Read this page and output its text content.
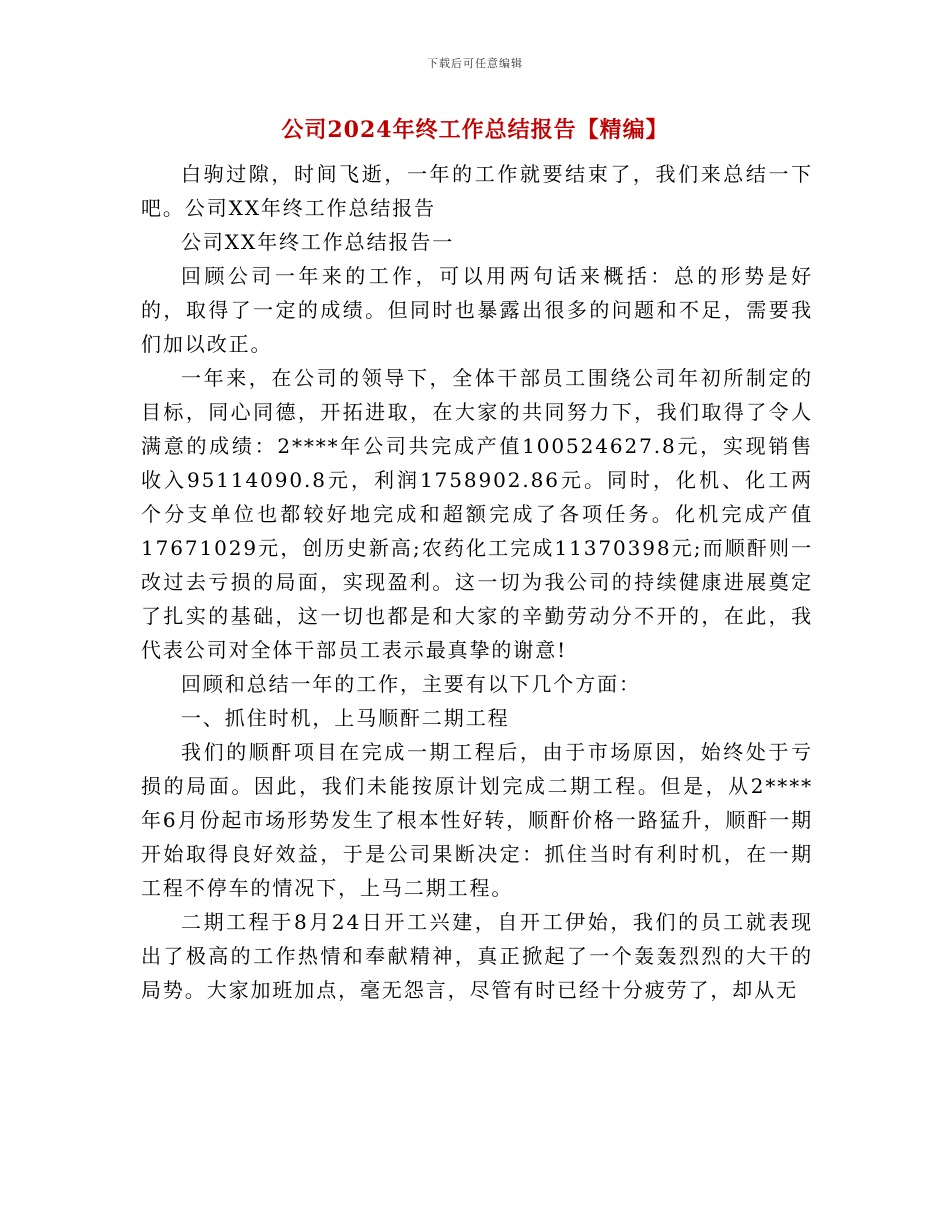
下载后可任意编辑
公司2024年终工作总结报告【精编】

白驹过隙，时间飞逝，一年的工作就要结束了，我们来总结一下吧。公司XX年终工作总结报告

公司XX年终工作总结报告一

回顾公司一年来的工作，可以用两句话来概括：总的形势是好的，取得了一定的成绩。但同时也暴露出很多的问题和不足，需要我们加以改正。

一年来，在公司的领导下，全体干部员工围绕公司年初所制定的目标，同心同德，开拓进取，在大家的共同努力下，我们取得了令人满意的成绩：2****年公司共完成产值100524627.8元，实现销售收入95114090.8元，利润1758902.86元。同时，化机、化工两个分支单位也都较好地完成和超额完成了各项任务。化机完成产值17671029元，创历史新高;农药化工完成11370398元;而顺酐则一改过去亏损的局面，实现盈利。这一切为我公司的持续健康进展奠定了扎实的基础，这一切也都是和大家的辛勤劳动分不开的，在此，我代表公司对全体干部员工表示最真挚的谢意!

回顾和总结一年的工作，主要有以下几个方面：

一、抓住时机，上马顺酐二期工程

我们的顺酐项目在完成一期工程后，由于市场原因，始终处于亏损的局面。因此，我们未能按原计划完成二期工程。但是，从2****年6月份起市场形势发生了根本性好转，顺酐价格一路猛升，顺酐一期开始取得良好效益，于是公司果断决定：抓住当时有利时机，在一期工程不停车的情况下，上马二期工程。

二期工程于8月24日开工兴建，自开工伊始，我们的员工就表现出了极高的工作热情和奉献精神，真正掀起了一个轰轰烈烈的大干的局势。大家加班加点，毫无怨言，尽管有时已经十分疲劳了，却从无
